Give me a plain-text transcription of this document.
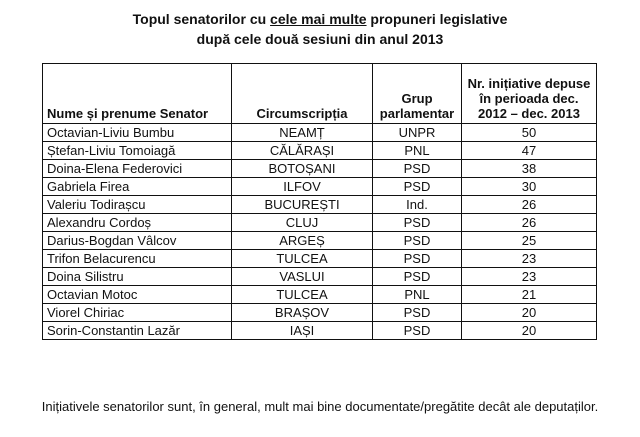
Topul senatorilor cu cele mai multe propuneri legislative
după cele două sesiuni din anul 2013
Nume și prenume Senator	Circumscripția	Grup parlamentar	Nr. inițiative depuse în perioada dec. 2012 – dec. 2013
Octavian-Liviu Bumbu	NEAMȚ	UNPR	50
Ștefan-Liviu Tomoiagă	CĂLĂRAȘI	PNL	47
Doina-Elena Federovici	BOTOȘANI	PSD	38
Gabriela Firea	ILFOV	PSD	30
Valeriu Todirașcu	BUCUREȘTI	Ind.	26
Alexandru Cordoș	CLUJ	PSD	26
Darius-Bogdan Vâlcov	ARGEȘ	PSD	25
Trifon Belacurencu	TULCEA	PSD	23
Doina Silistru	VASLUI	PSD	23
Octavian Motoc	TULCEA	PNL	21
Viorel Chiriac	BRAȘOV	PSD	20
Sorin-Constantin Lazăr	IAȘI	PSD	20
Inițiativele senatorilor sunt, în general, mult mai bine documentate/pregătite decât ale deputaților.
